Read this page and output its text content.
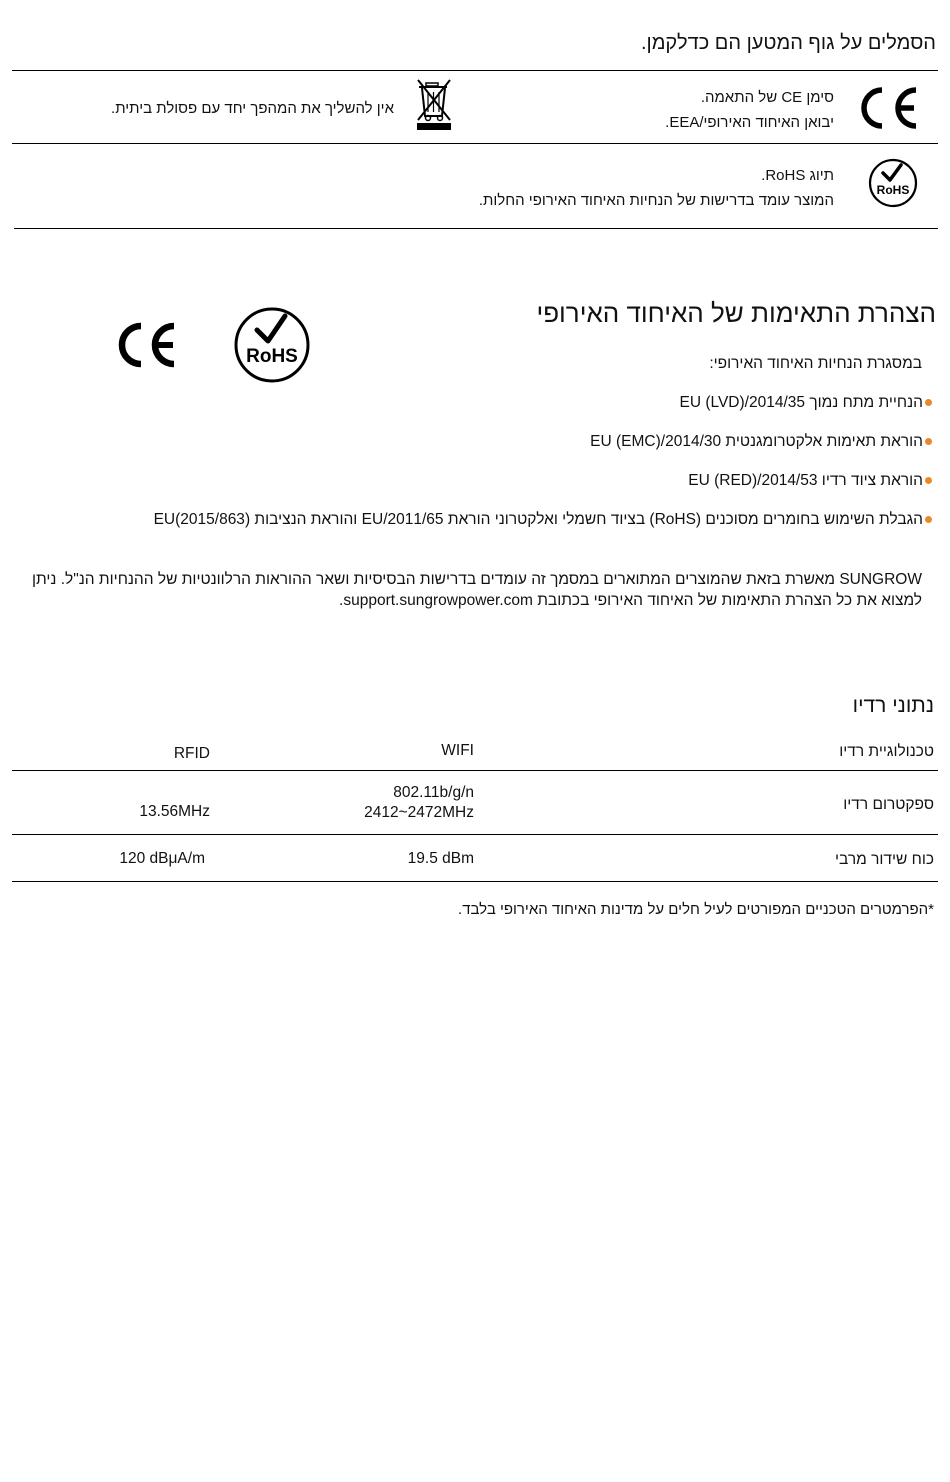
הסמלים על גוף המטען הם כדלקמן.
סימן CE של התאמה.
יבואן האיחוד האירופי/EEA.
אין להשליך את המהפך יחד עם פסולת ביתית.
RoHS
תיוג RoHS.
המוצר עומד בדרישות של הנחיות האיחוד האירופי החלות.
הצהרת התאימות של האיחוד האירופי
RoHS	במסגרת הנחיות האיחוד האירופי:
הנחיית מתח נמוך 2014/35/EU (LVD)
הוראת תאימות אלקטרומגנטית 2014/30/EU (EMC)
הוראת ציוד רדיו 2014/53/EU (RED)
הגבלת השימוש בחומרים מסוכנים (RoHS) בציוד חשמלי ואלקטרוני הוראת 2011/65/EU והוראת הנציבות (2015/863)EU
SUNGROW מאשרת בזאת שהמוצרים המתוארים במסמך זה עומדים בדרישות הבסיסיות ושאר ההוראות הרלוונטיות של ההנחיות הנ"ל. ניתן
למצוא את כל הצהרת התאימות של האיחוד האירופי בכתובת support.sungrowpower.com.
נתוני רדיו
טכנולוגיית רדיו
WIFI
RFID
ספקטרום רדיו
802.11b/g/n
2412~2472MHz
13.56MHz
כוח שידור מרבי
19.5 dBm
120 dBμA/m
*הפרמטרים הטכניים המפורטים לעיל חלים על מדינות האיחוד האירופי בלבד.
